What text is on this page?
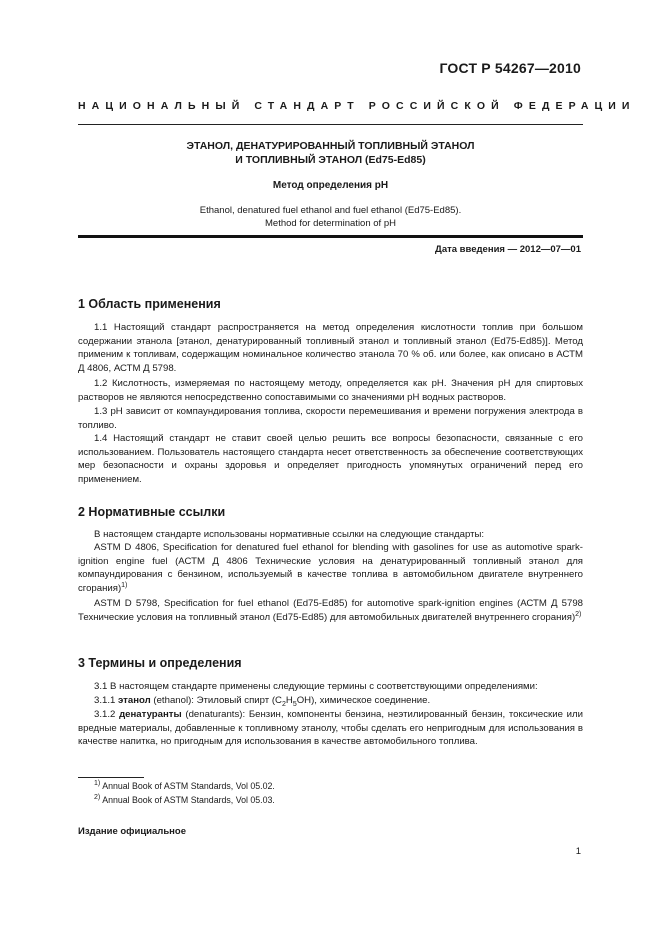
ГОСТ Р 54267—2010
НАЦИОНАЛЬНЫЙ СТАНДАРТ РОССИЙСКОЙ ФЕДЕРАЦИИ
ЭТАНОЛ, ДЕНАТУРИРОВАННЫЙ ТОПЛИВНЫЙ ЭТАНОЛ
И ТОПЛИВНЫЙ ЭТАНОЛ (Ed75-Ed85)
Метод определения pH
Ethanol, denatured fuel ethanol and fuel ethanol (Ed75-Ed85).
Method for determination of pH
Дата введения — 2012—07—01
1 Область применения
1.1 Настоящий стандарт распространяется на метод определения кислотности топлив при большом содержании этанола [этанол, денатурированный топливный этанол и топливный этанол (Ed75-Ed85)]. Метод применим к топливам, содержащим номинальное количество этанола 70 % об. или более, как описано в АСТМ Д 4806, АСТМ Д 5798.
1.2 Кислотность, измеряемая по настоящему методу, определяется как pH. Значения pH для спиртовых растворов не являются непосредственно сопоставимыми со значениями pH водных растворов.
1.3 pH зависит от компаундирования топлива, скорости перемешивания и времени погружения электрода в топливо.
1.4 Настоящий стандарт не ставит своей целью решить все вопросы безопасности, связанные с его использованием. Пользователь настоящего стандарта несет ответственность за обеспечение соответствующих мер безопасности и охраны здоровья и определяет пригодность упомянутых ограничений перед его применением.
2 Нормативные ссылки
В настоящем стандарте использованы нормативные ссылки на следующие стандарты:
ASTM D 4806, Specification for denatured fuel ethanol for blending with gasolines for use as automotive spark-ignition engine fuel (АСТМ Д 4806 Технические условия на денатурированный топливный этанол для компаундирования с бензином, используемый в качестве топлива в автомобильном двигателе внутреннего сгорания)$^{1)}$
ASTM D 5798, Specification for fuel ethanol (Ed75-Ed85) for automotive spark-ignition engines (АСТМ Д 5798 Технические условия на топливный этанол (Ed75-Ed85) для автомобильных двигателей внутреннего сгорания)$^{2)}$
3 Термины и определения
3.1 В настоящем стандарте применены следующие термины с соответствующими определениями:
3.1.1 этанол (ethanol): Этиловый спирт $(C_2H_5OH)$, химическое соединение.
3.1.2 денатуранты (denaturants): Бензин, компоненты бензина, неэтилированный бензин, токсические или вредные материалы, добавленные к топливному этанолу, чтобы сделать его непригодным для использования в качестве напитка, но пригодным для использования в качестве автомобильного топлива.
$^{1)}$ Annual Book of ASTM Standards, Vol 05.02.
$^{2)}$ Annual Book of ASTM Standards, Vol 05.03.
Издание официальное
1
